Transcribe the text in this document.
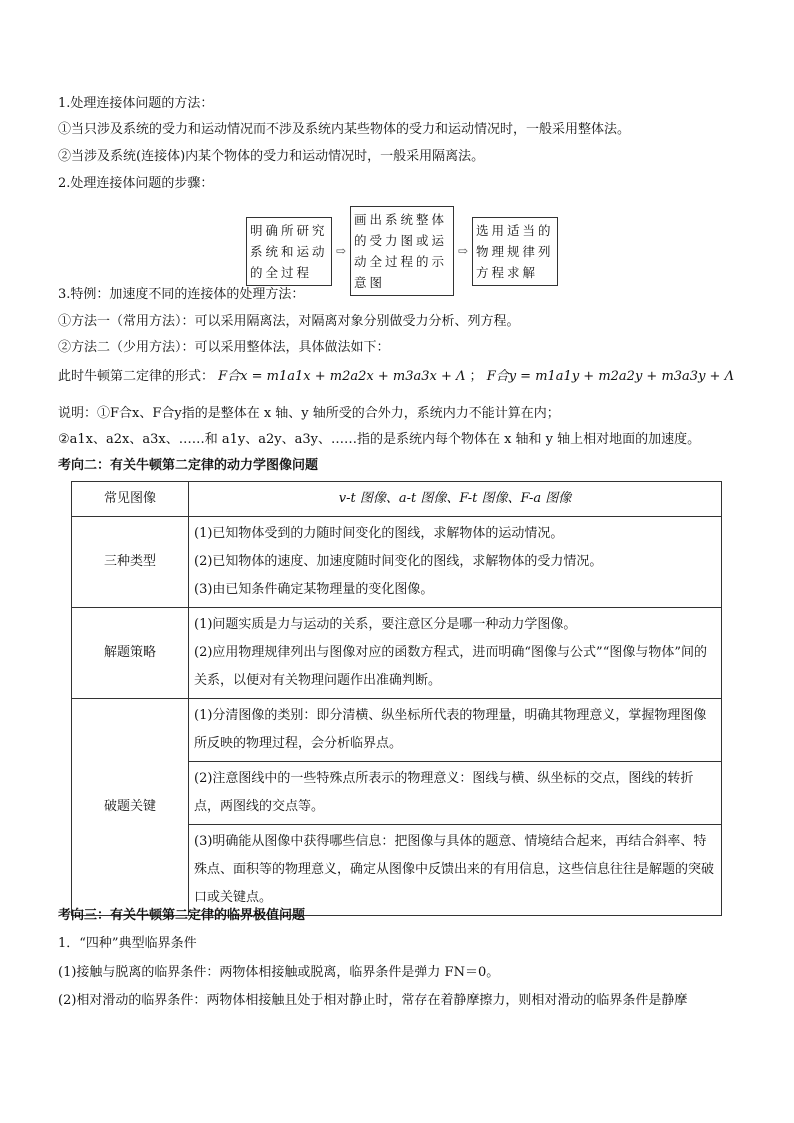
1.处理连接体问题的方法：
①当只涉及系统的受力和运动情况而不涉及系统内某些物体的受力和运动情况时，一般采用整体法。
②当涉及系统(连接体)内某个物体的受力和运动情况时，一般采用隔离法。
2.处理连接体问题的步骤：
明确所研究系统和运动的全过程
⇨
画出系统整体的受力图或运动全过程的示意图
⇨
选用适当的物理规律列方程求解
3.特例：加速度不同的连接体的处理方法：
①方法一（常用方法）：可以采用隔离法，对隔离对象分别做受力分析、列方程。
②方法二（少用方法）：可以采用整体法，具体做法如下：
此时牛顿第二定律的形式： F合x = m1a1x + m2a2x + m3a3x + Λ ； F合y = m1a1y + m2a2y + m3a3y + Λ
说明：①F合x、F合y指的是整体在 x 轴、y 轴所受的合外力，系统内力不能计算在内；
②a1x、a2x、a3x、……和 a1y、a2y、a3y、……指的是系统内每个物体在 x 轴和 y 轴上相对地面的加速度。
考向二：有关牛顿第二定律的动力学图像问题
常见图像	v-t 图像、a-t 图像、F-t 图像、F-a 图像
三种类型	(1)已知物体受到的力随时间变化的图线，求解物体的运动情况。
(2)已知物体的速度、加速度随时间变化的图线，求解物体的受力情况。
(3)由已知条件确定某物理量的变化图像。

解题策略	(1)问题实质是力与运动的关系，要注意区分是哪一种动力学图像。
(2)应用物理规律列出与图像对应的函数方程式，进而明确“图像与公式”“图像与物体”间的关系，以便对有关物理问题作出准确判断。

破题关键	(1)分清图像的类别：即分清横、纵坐标所代表的物理量，明确其物理意义，掌握物理图像所反映的物理过程，会分析临界点。
	(2)注意图线中的一些特殊点所表示的物理意义：图线与横、纵坐标的交点，图线的转折点，两图线的交点等。
	(3)明确能从图像中获得哪些信息：把图像与具体的题意、情境结合起来，再结合斜率、特殊点、面积等的物理意义，确定从图像中反馈出来的有用信息，这些信息往往是解题的突破口或关键点。
考向三：有关牛顿第二定律的临界极值问题
1．“四种”典型临界条件
(1)接触与脱离的临界条件：两物体相接触或脱离，临界条件是弹力 FN＝0。
(2)相对滑动的临界条件：两物体相接触且处于相对静止时，常存在着静摩擦力，则相对滑动的临界条件是静摩
